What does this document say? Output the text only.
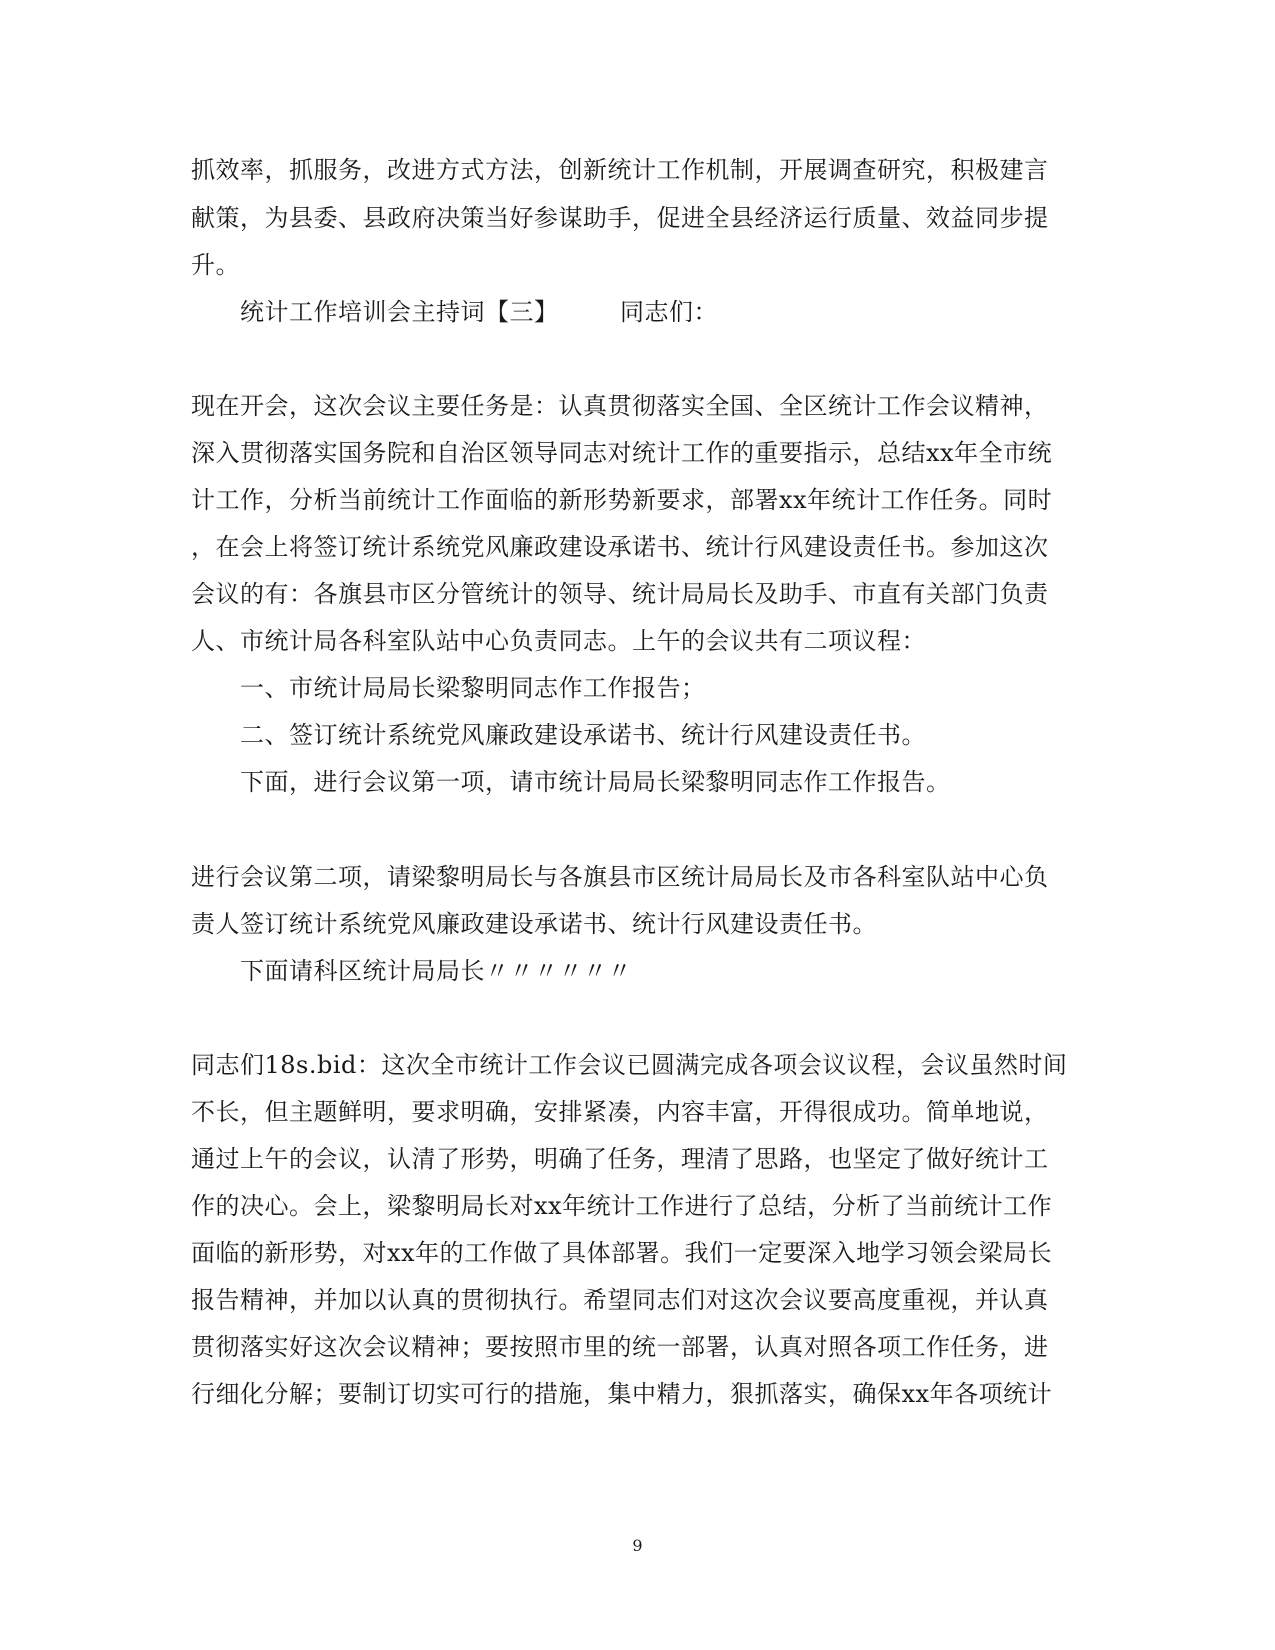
抓效率，抓服务，改进方式方法，创新统计工作机制，开展调查研究，积极建言
献策，为县委、县政府决策当好参谋助手，促进全县经济运行质量、效益同步提
升。
统计工作培训会主持词【三】　　　同志们：
现在开会，这次会议主要任务是：认真贯彻落实全国、全区统计工作会议精神，
深入贯彻落实国务院和自治区领导同志对统计工作的重要指示，总结xx年全市统
计工作，分析当前统计工作面临的新形势新要求，部署xx年统计工作任务。同时
，在会上将签订统计系统党风廉政建设承诺书、统计行风建设责任书。参加这次
会议的有：各旗县市区分管统计的领导、统计局局长及助手、市直有关部门负责
人、市统计局各科室队站中心负责同志。上午的会议共有二项议程：
一、市统计局局长梁黎明同志作工作报告；
二、签订统计系统党风廉政建设承诺书、统计行风建设责任书。
下面，进行会议第一项，请市统计局局长梁黎明同志作工作报告。
进行会议第二项，请梁黎明局长与各旗县市区统计局局长及市各科室队站中心负
责人签订统计系统党风廉政建设承诺书、统计行风建设责任书。
下面请科区统计局局长〃〃〃〃〃〃
同志们18s.bid：这次全市统计工作会议已圆满完成各项会议议程，会议虽然时间
不长，但主题鲜明，要求明确，安排紧凑，内容丰富，开得很成功。简单地说，
通过上午的会议，认清了形势，明确了任务，理清了思路，也坚定了做好统计工
作的决心。会上，梁黎明局长对xx年统计工作进行了总结，分析了当前统计工作
面临的新形势，对xx年的工作做了具体部署。我们一定要深入地学习领会梁局长
报告精神，并加以认真的贯彻执行。希望同志们对这次会议要高度重视，并认真
贯彻落实好这次会议精神；要按照市里的统一部署，认真对照各项工作任务，进
行细化分解；要制订切实可行的措施，集中精力，狠抓落实，确保xx年各项统计
9
